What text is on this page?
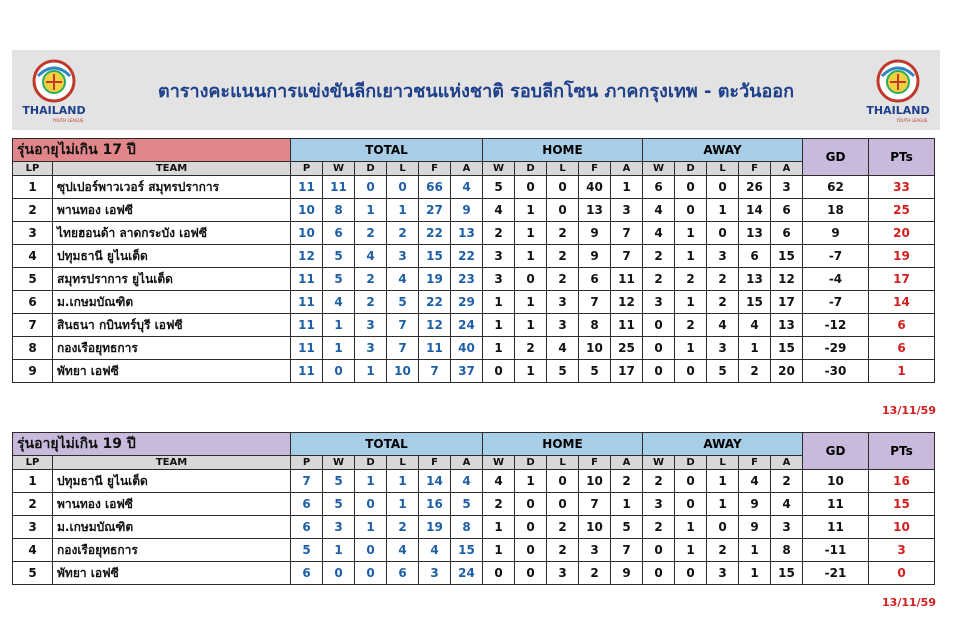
THAILAND
YOUTH LEAGUE
ตารางคะแนนการแข่งขันลีกเยาวชนแห่งชาติ รอบลีกโซน ภาคกรุงเทพ - ตะวันออก
THAILAND
YOUTH LEAGUE
รุ่นอายุไม่เกิน 17 ปี		TOTAL						HOME					AWAY					GD	PTs
LP	TEAM	P	W	D	L	F	A	W	D	L	F	A	W	D	L	F	A		
1	ซุปเปอร์พาวเวอร์ สมุทรปราการ	11	11	0	0	66	4	5	0	0	40	1	6	0	0	26	3	62	33
2	พานทอง เอฟซี	10	8	1	1	27	9	4	1	0	13	3	4	0	1	14	6	18	25
3	ไทยฮอนด้า ลาดกระบัง เอฟซี	10	6	2	2	22	13	2	1	2	9	7	4	1	0	13	6	9	20
4	ปทุมธานี ยูไนเต็ด	12	5	4	3	15	22	3	1	2	9	7	2	1	3	6	15	-7	19
5	สมุทรปราการ ยูไนเต็ด	11	5	2	4	19	23	3	0	2	6	11	2	2	2	13	12	-4	17
6	ม.เกษมบัณฑิต	11	4	2	5	22	29	1	1	3	7	12	3	1	2	15	17	-7	14
7	สินธนา กบินทร์บุรี เอฟซี	11	1	3	7	12	24	1	1	3	8	11	0	2	4	4	13	-12	6
8	กองเรือยุทธการ	11	1	3	7	11	40	1	2	4	10	25	0	1	3	1	15	-29	6
9	พัทยา เอฟซี	11	0	1	10	7	37	0	1	5	5	17	0	0	5	2	20	-30	1
13/11/59
รุ่นอายุไม่เกิน 19 ปี		TOTAL						HOME					AWAY					GD	PTs
LP	TEAM	P	W	D	L	F	A	W	D	L	F	A	W	D	L	F	A		
1	ปทุมธานี ยูไนเต็ด	7	5	1	1	14	4	4	1	0	10	2	2	0	1	4	2	10	16
2	พานทอง เอฟซี	6	5	0	1	16	5	2	0	0	7	1	3	0	1	9	4	11	15
3	ม.เกษมบัณฑิต	6	3	1	2	19	8	1	0	2	10	5	2	1	0	9	3	11	10
4	กองเรือยุทธการ	5	1	0	4	4	15	1	0	2	3	7	0	1	2	1	8	-11	3
5	พัทยา เอฟซี	6	0	0	6	3	24	0	0	3	2	9	0	0	3	1	15	-21	0
13/11/59
